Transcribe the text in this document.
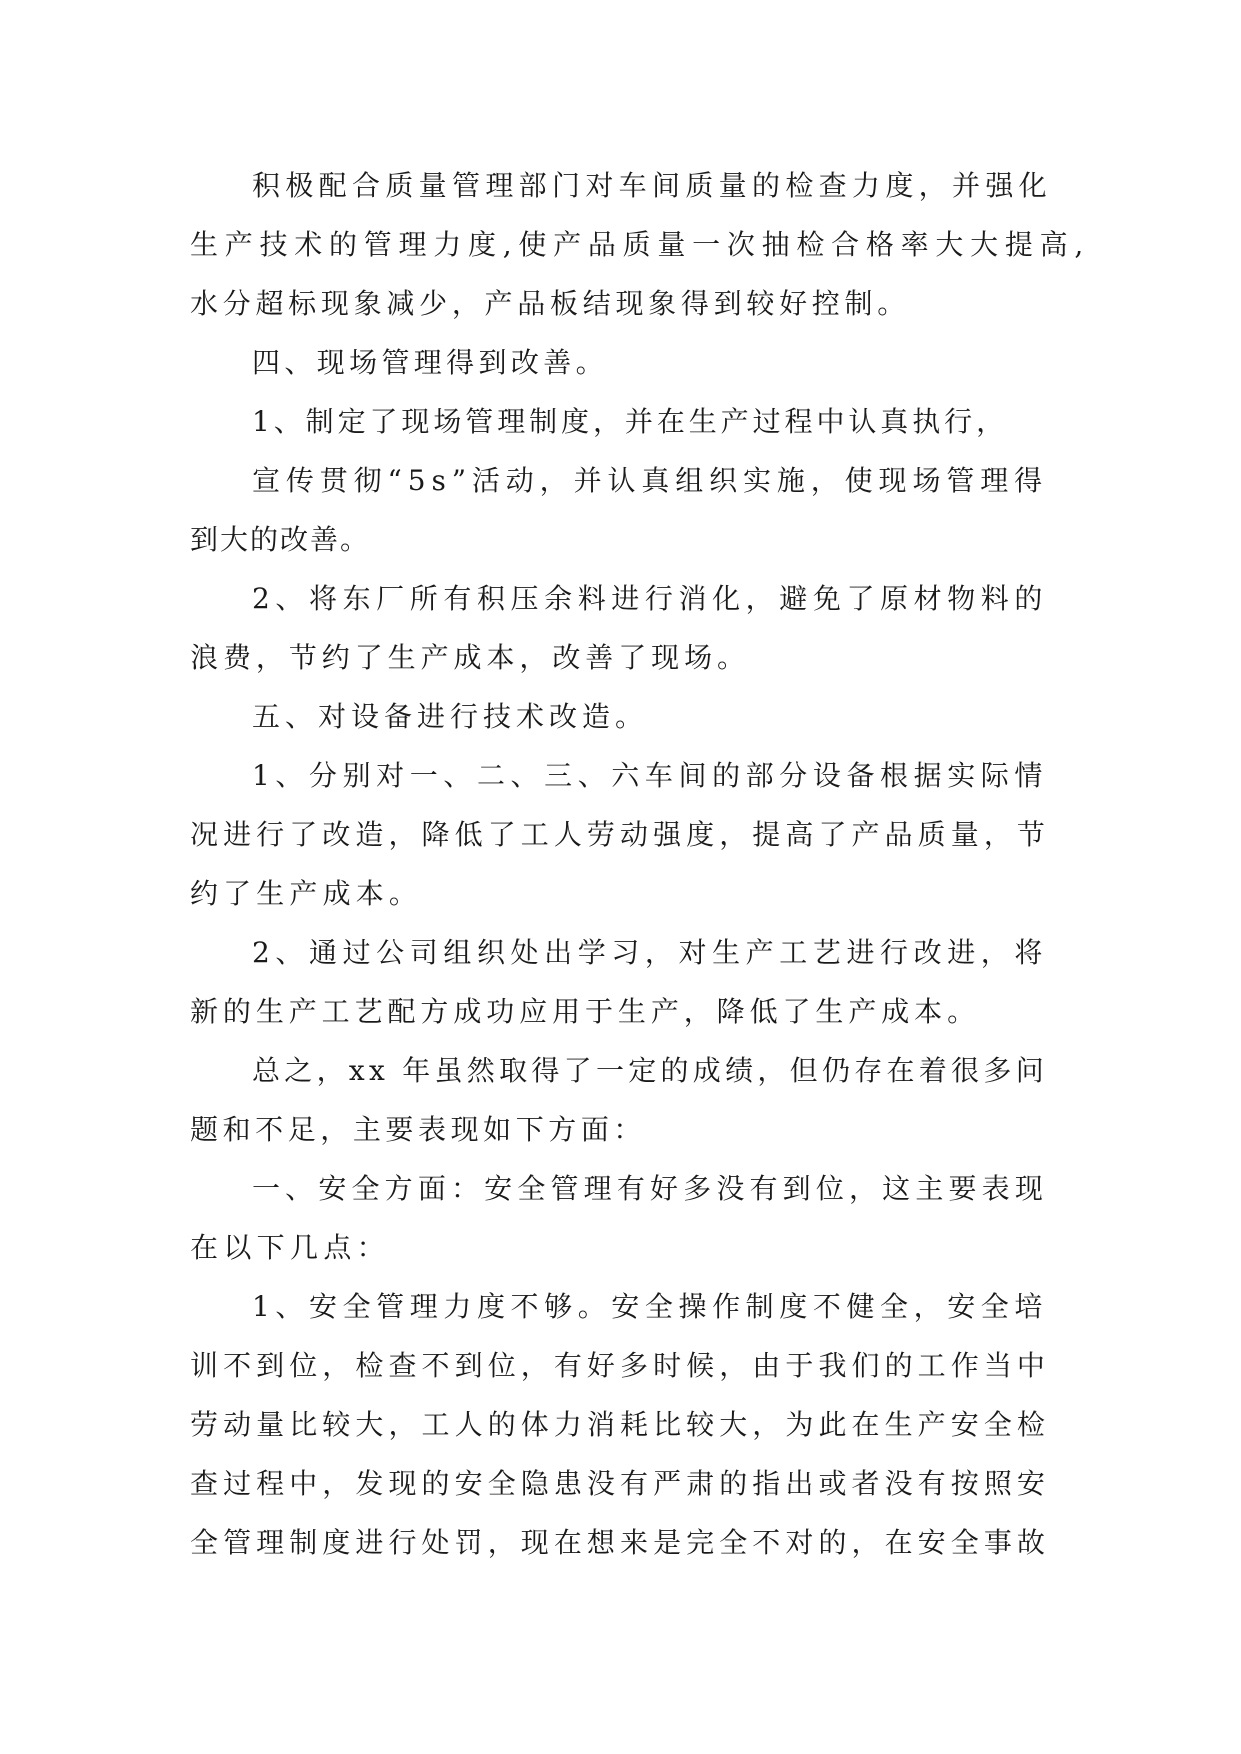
积极配合质量管理部门对车间质量的检查力度，并强化
生产技术的管理力度,使产品质量一次抽检合格率大大提高,
水分超标现象减少，产品板结现象得到较好控制。
四、现场管理得到改善。
1、制定了现场管理制度，并在生产过程中认真执行，
宣传贯彻“5s”活动，并认真组织实施，使现场管理得
到大的改善。
2、将东厂所有积压余料进行消化，避免了原材物料的
浪费，节约了生产成本，改善了现场。
五、对设备进行技术改造。
1、分别对一、二、三、六车间的部分设备根据实际情
况进行了改造，降低了工人劳动强度，提高了产品质量，节
约了生产成本。
2、通过公司组织处出学习，对生产工艺进行改进，将
新的生产工艺配方成功应用于生产，降低了生产成本。
总之，xx 年虽然取得了一定的成绩，但仍存在着很多问
题和不足，主要表现如下方面：
一、安全方面：安全管理有好多没有到位，这主要表现
在以下几点：
1、安全管理力度不够。安全操作制度不健全，安全培
训不到位，检查不到位，有好多时候，由于我们的工作当中
劳动量比较大，工人的体力消耗比较大，为此在生产安全检
查过程中，发现的安全隐患没有严肃的指出或者没有按照安
全管理制度进行处罚，现在想来是完全不对的，在安全事故
